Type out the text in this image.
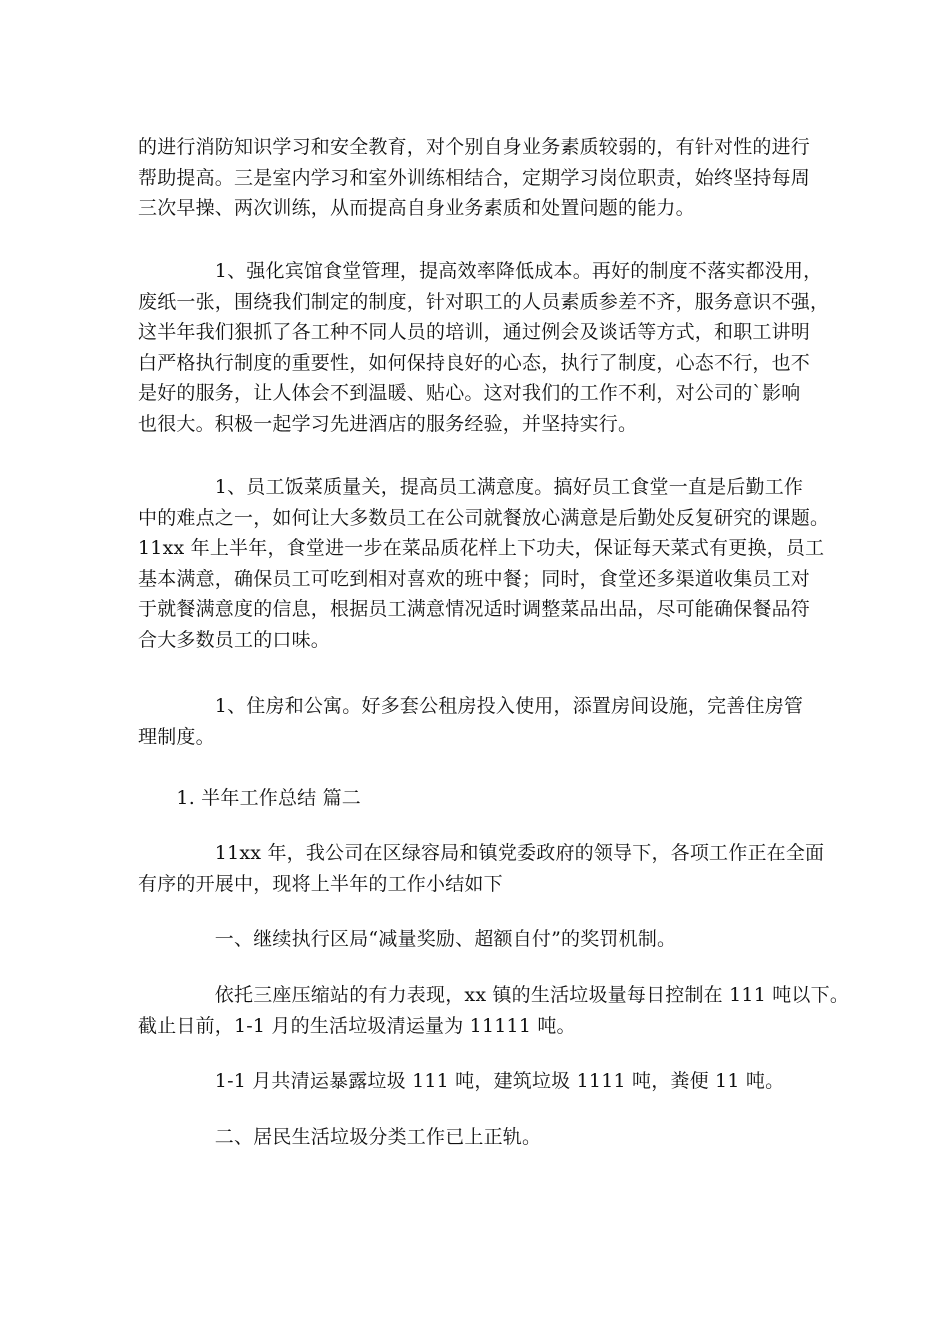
的进行消防知识学习和安全教育，对个别自身业务素质较弱的，有针对性的进行
帮助提高。三是室内学习和室外训练相结合，定期学习岗位职责，始终坚持每周
三次早操、两次训练，从而提高自身业务素质和处置问题的能力。
　　　　1、强化宾馆食堂管理，提高效率降低成本。再好的制度不落实都没用，
废纸一张，围绕我们制定的制度，针对职工的人员素质参差不齐，服务意识不强，
这半年我们狠抓了各工种不同人员的培训，通过例会及谈话等方式，和职工讲明
白严格执行制度的重要性，如何保持良好的心态，执行了制度，心态不行，也不
是好的服务，让人体会不到温暖、贴心。这对我们的工作不利，对公司的`影响
也很大。积极一起学习先进酒店的服务经验，并坚持实行。
　　　　1、员工饭菜质量关，提高员工满意度。搞好员工食堂一直是后勤工作
中的难点之一，如何让大多数员工在公司就餐放心满意是后勤处反复研究的课题。
11xx 年上半年，食堂进一步在菜品质花样上下功夫，保证每天菜式有更换，员工
基本满意，确保员工可吃到相对喜欢的班中餐；同时，食堂还多渠道收集员工对
于就餐满意度的信息，根据员工满意情况适时调整菜品出品，尽可能确保餐品符
合大多数员工的口味。
　　　　1、住房和公寓。好多套公租房投入使用，添置房间设施，完善住房管
理制度。
　　1. 半年工作总结 篇二
　　　　11xx 年，我公司在区绿容局和镇党委政府的领导下，各项工作正在全面
有序的开展中，现将上半年的工作小结如下
　　　　一、继续执行区局“减量奖励、超额自付”的奖罚机制。
　　　　依托三座压缩站的有力表现，xx 镇的生活垃圾量每日控制在 111 吨以下。
截止日前，1-1 月的生活垃圾清运量为 11111 吨。
　　　　1-1 月共清运暴露垃圾 111 吨，建筑垃圾 1111 吨，粪便 11 吨。
　　　　二、居民生活垃圾分类工作已上正轨。
